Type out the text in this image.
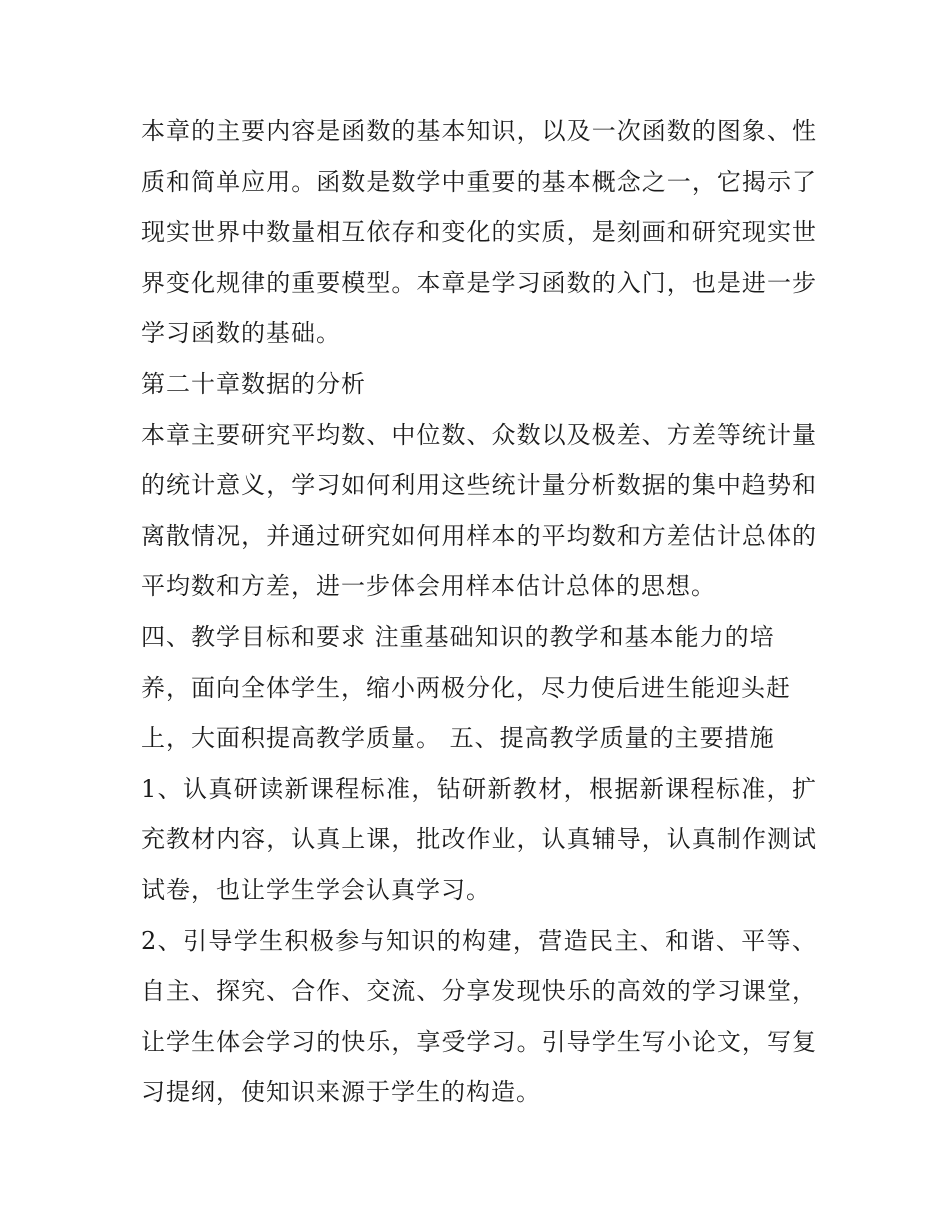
本章的主要内容是函数的基本知识，以及一次函数的图象、性质和简单应用。函数是数学中重要的基本概念之一，它揭示了现实世界中数量相互依存和变化的实质，是刻画和研究现实世界变化规律的重要模型。本章是学习函数的入门，也是进一步学习函数的基础。

第二十章数据的分析

本章主要研究平均数、中位数、众数以及极差、方差等统计量的统计意义，学习如何利用这些统计量分析数据的集中趋势和离散情况，并通过研究如何用样本的平均数和方差估计总体的平均数和方差，进一步体会用样本估计总体的思想。

四、教学目标和要求 注重基础知识的教学和基本能力的培养，面向全体学生，缩小两极分化，尽力使后进生能迎头赶上，大面积提高教学质量。 五、提高教学质量的主要措施

1、认真研读新课程标准，钻研新教材，根据新课程标准，扩充教材内容，认真上课，批改作业，认真辅导，认真制作测试试卷，也让学生学会认真学习。

2、引导学生积极参与知识的构建，营造民主、和谐、平等、自主、探究、合作、交流、分享发现快乐的高效的学习课堂，让学生体会学习的快乐，享受学习。引导学生写小论文，写复习提纲，使知识来源于学生的构造。
